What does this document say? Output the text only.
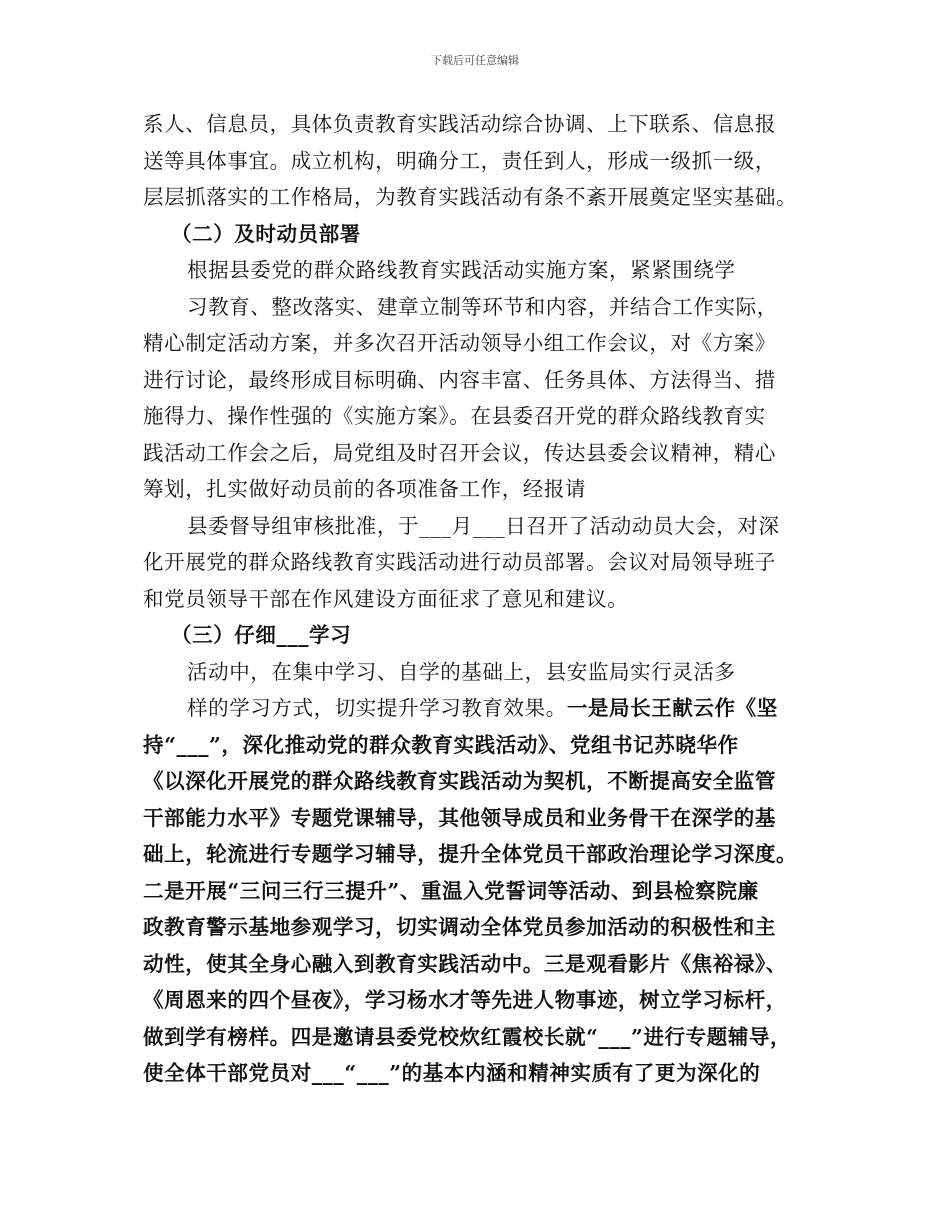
下载后可任意编辑
系人、信息员，具体负责教育实践活动综合协调、上下联系、信息报
送等具体事宜。成立机构，明确分工，责任到人，形成一级抓一级，
层层抓落实的工作格局，为教育实践活动有条不紊开展奠定坚实基础。
（二）及时动员部署
根据县委党的群众路线教育实践活动实施方案，紧紧围绕学
习教育、整改落实、建章立制等环节和内容，并结合工作实际，
精心制定活动方案，并多次召开活动领导小组工作会议，对《方案》
进行讨论，最终形成目标明确、内容丰富、任务具体、方法得当、措
施得力、操作性强的《实施方案》。在县委召开党的群众路线教育实
践活动工作会之后，局党组及时召开会议，传达县委会议精神，精心
筹划，扎实做好动员前的各项准备工作，经报请
县委督导组审核批准，于___月___日召开了活动动员大会，对深
化开展党的群众路线教育实践活动进行动员部署。会议对局领导班子
和党员领导干部在作风建设方面征求了意见和建议。
（三）仔细___学习
活动中，在集中学习、自学的基础上，县安监局实行灵活多
样的学习方式，切实提升学习教育效果。一是局长王献云作《坚
持“___”，深化推动党的群众教育实践活动》、党组书记苏晓华作
《以深化开展党的群众路线教育实践活动为契机，不断提高安全监管
干部能力水平》专题党课辅导，其他领导成员和业务骨干在深学的基
础上，轮流进行专题学习辅导，提升全体党员干部政治理论学习深度。
二是开展“三问三行三提升”、重温入党誓词等活动、到县检察院廉
政教育警示基地参观学习，切实调动全体党员参加活动的积极性和主
动性，使其全身心融入到教育实践活动中。三是观看影片《焦裕禄》、
《周恩来的四个昼夜》，学习杨水才等先进人物事迹，树立学习标杆，
做到学有榜样。四是邀请县委党校炊红霞校长就“___”进行专题辅导，
使全体干部党员对___“___”的基本内涵和精神实质有了更为深化的
